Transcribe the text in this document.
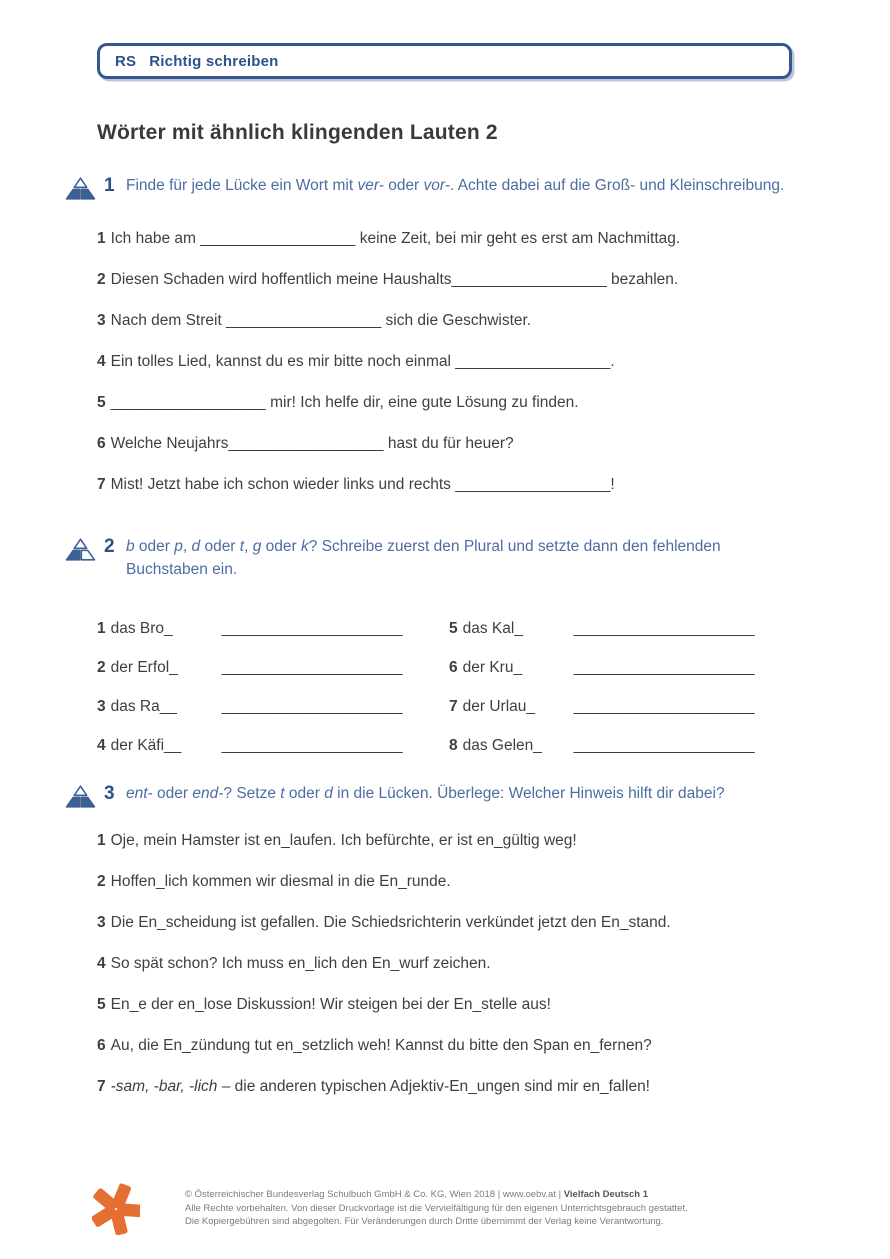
RS Richtig schreiben
Wörter mit ähnlich klingenden Lauten 2
1 Finde für jede Lücke ein Wort mit ver- oder vor-. Achte dabei auf die Groß- und Kleinschreibung.
1 Ich habe am __________________ keine Zeit, bei mir geht es erst am Nachmittag.
2 Diesen Schaden wird hoffentlich meine Haushalts__________________ bezahlen.
3 Nach dem Streit __________________ sich die Geschwister.
4 Ein tolles Lied, kannst du es mir bitte noch einmal __________________.
5 __________________ mir! Ich helfe dir, eine gute Lösung zu finden.
6 Welche Neujahrs__________________ hast du für heuer?
7 Mist! Jetzt habe ich schon wieder links und rechts __________________!
2 b oder p, d oder t, g oder k? Schreibe zuerst den Plural und setzte dann den fehlenden Buchstaben ein.
1 das Bro_	_____________________
2 der Erfol_	_____________________
3 das Ra__	_____________________
4 der Käfi__	_____________________
5 das Kal_	_____________________
6 der Kru_	_____________________
7 der Urlau_ _____________________
8 das Gelen_ _____________________
3 ent- oder end-? Setze t oder d in die Lücken. Überlege: Welcher Hinweis hilft dir dabei?
1 Oje, mein Hamster ist en_laufen. Ich befürchte, er ist en_gültig weg!
2 Hoffen_lich kommen wir diesmal in die En_runde.
3 Die En_scheidung ist gefallen. Die Schiedsrichterin verkündet jetzt den En_stand.
4 So spät schon? Ich muss en_lich den En_wurf zeichen.
5 En_e der en_lose Diskussion! Wir steigen bei der En_stelle aus!
6 Au, die En_zündung tut en_setzlich weh! Kannst du bitte den Span en_fernen?
7 -sam, -bar, -lich – die anderen typischen Adjektiv-En_ungen sind mir en_fallen!
© Österreichischer Bundesverlag Schulbuch GmbH & Co. KG, Wien 2018 | www.oebv.at | Vielfach Deutsch 1
Alle Rechte vorbehalten. Von dieser Druckvorlage ist die Vervielfältigung für den eigenen Unterrichtsgebrauch gestattet.
Die Kopiergebühren sind abgegolten. Für Veränderungen durch Dritte übernimmt der Verlag keine Verantwortung.
